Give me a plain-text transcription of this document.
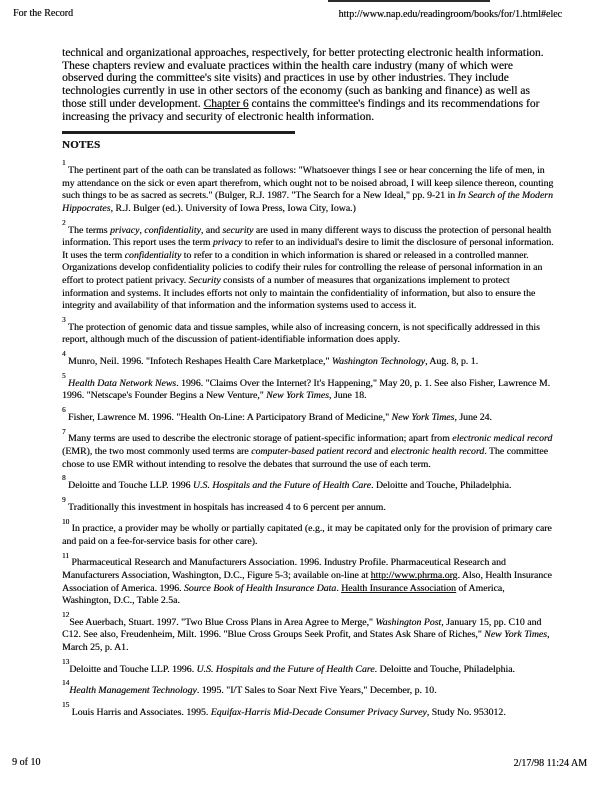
For the Record	http://www.nap.edu/readingroom/books/for/1.html#elec

technical and organizational approaches, respectively, for better protecting electronic health information. These chapters review and evaluate practices within the health care industry (many of which were observed during the committee's site visits) and practices in use by other industries. They include technologies currently in use in other sectors of the economy (such as banking and finance) as well as those still under development. Chapter 6 contains the committee's findings and its recommendations for increasing the privacy and security of electronic health information.

NOTES

$^1$ The pertinent part of the oath can be translated as follows: "Whatsoever things I see or hear concerning the life of men, in my attendance on the sick or even apart therefrom, which ought not to be noised abroad, I will keep silence thereon, counting such things to be as sacred as secrets." (Bulger, R.J. 1987. "The Search for a New Ideal," pp. 9-21 in In Search of the Modern Hippocrates, R.J. Bulger (ed.). University of Iowa Press, Iowa City, Iowa.)

$^2$ The terms privacy, confidentiality, and security are used in many different ways to discuss the protection of personal health information. This report uses the term privacy to refer to an individual's desire to limit the disclosure of personal information. It uses the term confidentiality to refer to a condition in which information is shared or released in a controlled manner. Organizations develop confidentiality policies to codify their rules for controlling the release of personal information in an effort to protect patient privacy. Security consists of a number of measures that organizations implement to protect information and systems. It includes efforts not only to maintain the confidentiality of information, but also to ensure the integrity and availability of that information and the information systems used to access it.

$^3$ The protection of genomic data and tissue samples, while also of increasing concern, is not specifically addressed in this report, although much of the discussion of patient-identifiable information does apply.

$^4$ Munro, Neil. 1996. "Infotech Reshapes Health Care Marketplace," Washington Technology, Aug. 8, p. 1.

$^5$ Health Data Network News. 1996. "Claims Over the Internet? It's Happening," May 20, p. 1. See also Fisher, Lawrence M. 1996. "Netscape's Founder Begins a New Venture," New York Times, June 18.

$^6$ Fisher, Lawrence M. 1996. "Health On-Line: A Participatory Brand of Medicine," New York Times, June 24.

$^7$ Many terms are used to describe the electronic storage of patient-specific information; apart from electronic medical record (EMR), the two most commonly used terms are computer-based patient record and electronic health record. The committee chose to use EMR without intending to resolve the debates that surround the use of each term.

$^8$ Deloitte and Touche LLP. 1996 U.S. Hospitals and the Future of Health Care. Deloitte and Touche, Philadelphia.

$^9$ Traditionally this investment in hospitals has increased 4 to 6 percent per annum.

$^{10}$ In practice, a provider may be wholly or partially capitated (e.g., it may be capitated only for the provision of primary care and paid on a fee-for-service basis for other care).

$^{11}$ Pharmaceutical Research and Manufacturers Association. 1996. Industry Profile. Pharmaceutical Research and Manufacturers Association, Washington, D.C., Figure 5-3; available on-line at http://www.phrma.org. Also, Health Insurance Association of America. 1996. Source Book of Health Insurance Data. Health Insurance Association of America, Washington, D.C., Table 2.5a.

$^{12}$See Auerbach, Stuart. 1997. "Two Blue Cross Plans in Area Agree to Merge," Washington Post, January 15, pp. C10 and C12. See also, Freudenheim, Milt. 1996. "Blue Cross Groups Seek Profit, and States Ask Share of Riches," New York Times, March 25, p. A1.

$^{13}$Deloitte and Touche LLP. 1996. U.S. Hospitals and the Future of Health Care. Deloitte and Touche, Philadelphia.

$^{14}$Health Management Technology. 1995. "I/T Sales to Soar Next Five Years," December, p. 10.

$^{15}$ Louis Harris and Associates. 1995. Equifax-Harris Mid-Decade Consumer Privacy Survey, Study No. 953012.

9 of 10	2/17/98 11:24 AM
